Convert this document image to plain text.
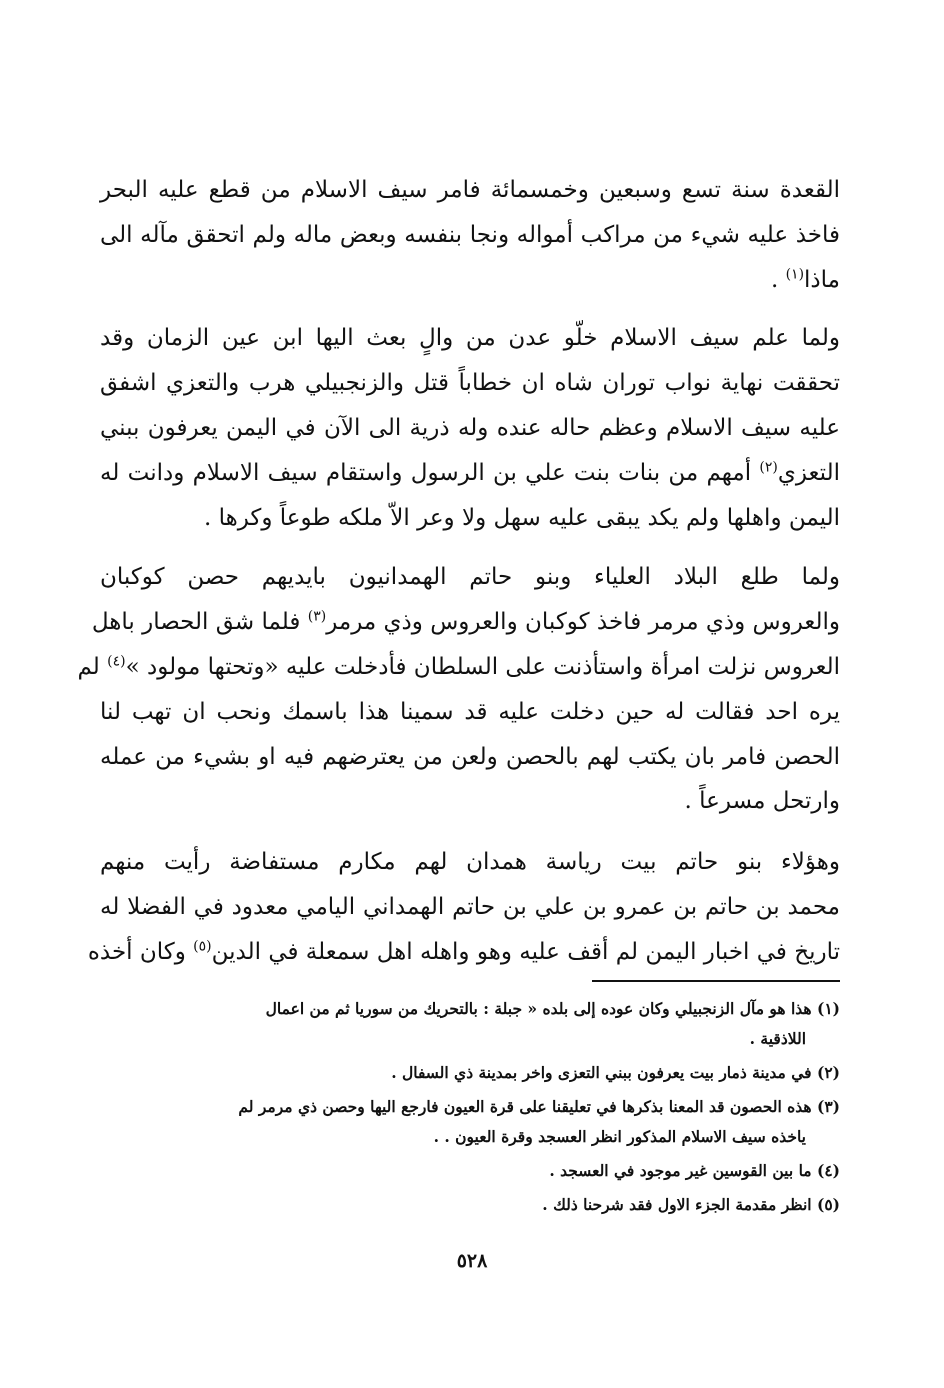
القعدة سنة تسع وسبعين وخمسمائة فامر سيف الاسلام من قطع عليه البحر
فاخذ عليه شيء من مراكب أمواله ونجا بنفسه وبعض ماله ولم اتحقق مآله الى
ماذا$^{(١)}$ .

ولما علم سيف الاسلام خلّو عدن من والٍ بعث اليها ابن عين الزمان وقد
تحققت نهاية نواب توران شاه ان خطاباً قتل والزنجبيلي هرب والتعزي اشفق
عليه سيف الاسلام وعظم حاله عنده وله ذرية الى الآن في اليمن يعرفون ببني
التعزي$^{(٢)}$ أمهم من بنات بنت علي بن الرسول واستقام سيف الاسلام ودانت له
اليمن واهلها ولم يكد يبقى عليه سهل ولا وعر الاّ ملكه طوعاً وكرها .

ولما طلع البلاد العلياء وبنو حاتم الهمدانيون بايديهم حصن كوكبان
والعروس وذي مرمر فاخذ كوكبان والعروس وذي مرمر$^{(٣)}$ فلما شق الحصار باهل
العروس نزلت امرأة واستأذنت على السلطان فأدخلت عليه «وتحتها مولود »$^{(٤)}$ لم
يره احد فقالت له حين دخلت عليه قد سمينا هذا باسمك ونحب ان تهب لنا
الحصن فامر بان يكتب لهم بالحصن ولعن من يعترضهم فيه او بشيء من عمله
وارتحل مسرعاً .

وهؤلاء بنو حاتم بيت رياسة همدان لهم مكارم مستفاضة رأيت منهم
محمد بن حاتم بن عمرو بن علي بن حاتم الهمداني اليامي معدود في الفضلا له
تاريخ في اخبار اليمن لم أقف عليه وهو واهله اهل سمعلة في الدين$^{(٥)}$ وكان أخذه

(١) هذا هو مآل الزنجبيلي وكان عوده إلى بلده « جبلة : بالتحريك من سوريا ثم من اعمال
اللاذقية .

(٢) في مدينة ذمار بيت يعرفون ببني التعزى واخر بمدينة ذي السفال .

(٣) هذه الحصون قد المعنا بذكرها في تعليقنا على قرة العيون فارجع اليها وحصن ذي مرمر لم
ياخذه سيف الاسلام المذكور انظر العسجد وقرة العيون . .

(٤) ما بين القوسين غير موجود في العسجد .

(٥) انظر مقدمة الجزء الاول فقد شرحنا ذلك .

٥٢٨
